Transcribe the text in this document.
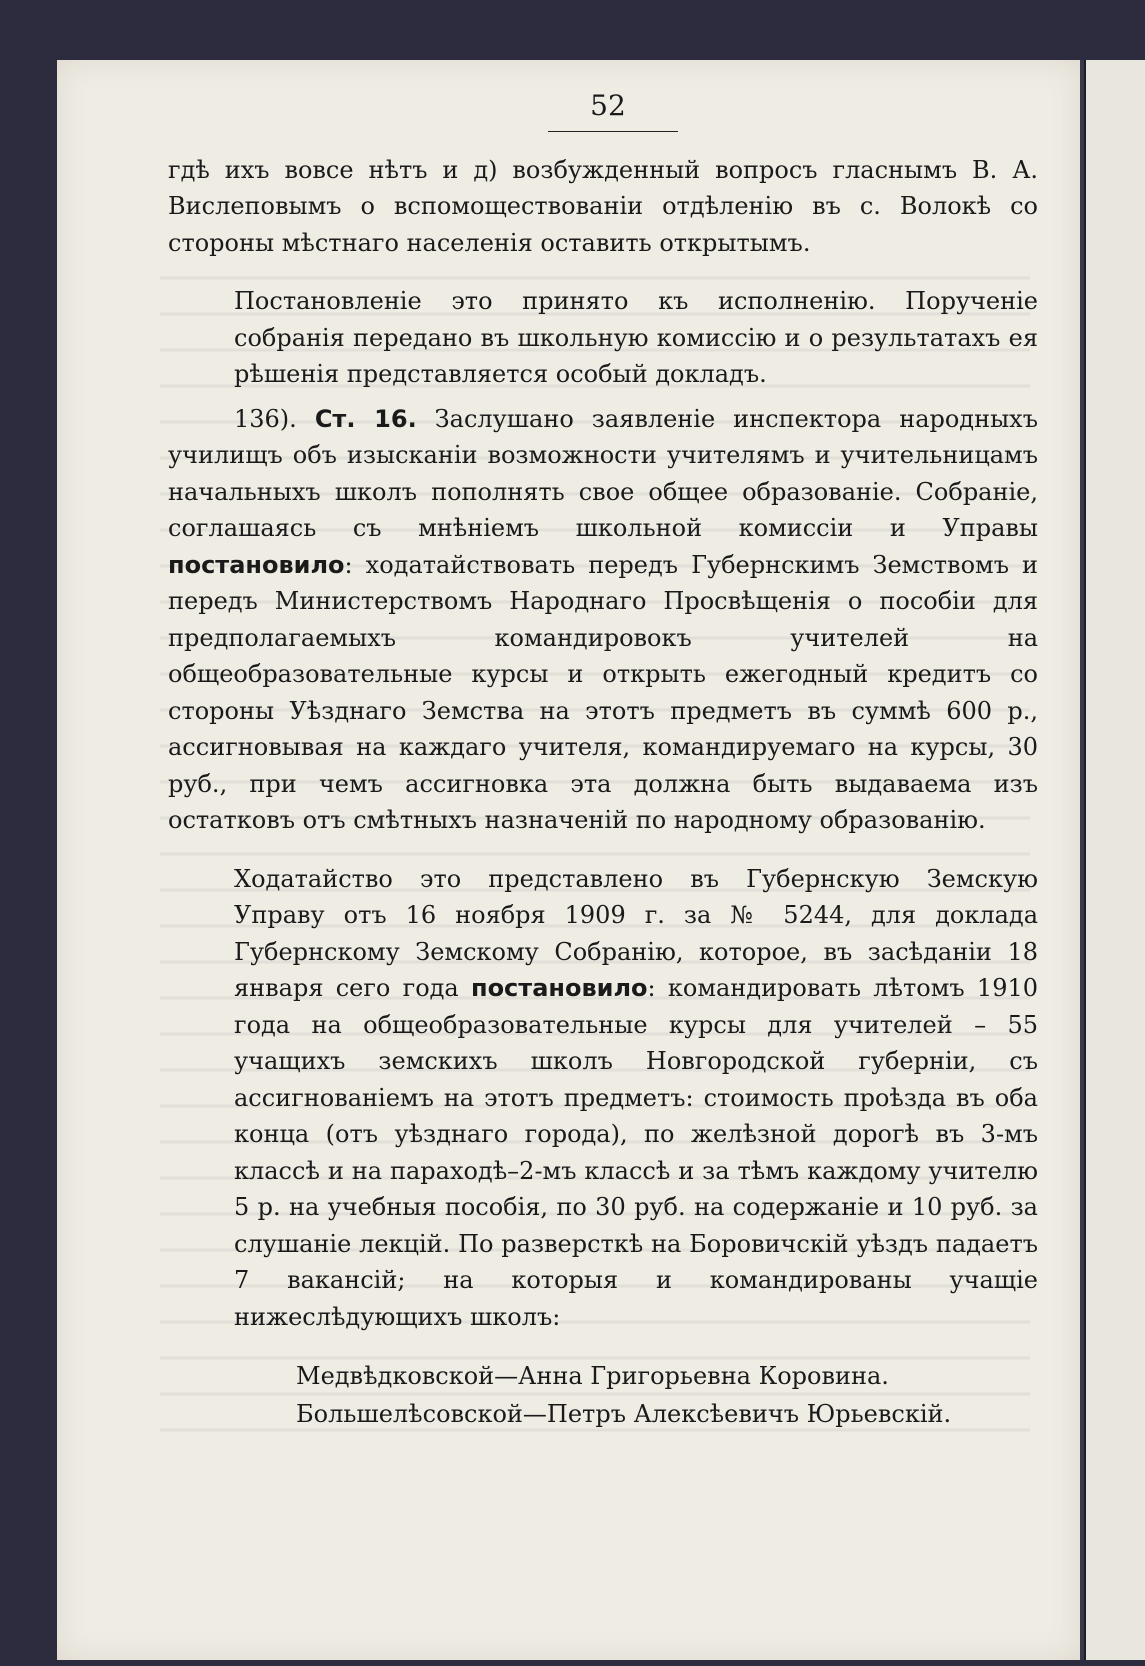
52

гдѣ ихъ вовсе нѣтъ и д) возбужденный вопросъ гласнымъ В. А. Вислеповымъ о вспомоществованіи отдѣленію въ с. Волокѣ со стороны мѣстнаго населенія оставить открытымъ.

Постановленіе это принято къ исполненію. Порученіе собранія передано въ школьную комиссію и о результатахъ ея рѣшенія представляется особый докладъ.

136). Ст. 16. Заслушано заявленіе инспектора народныхъ училищъ объ изысканіи возможности учителямъ и учительницамъ начальныхъ школъ пополнять свое общее образованіе. Собраніе, соглашаясь съ мнѣніемъ школьной комиссіи и Управы постановило: ходатайствовать передъ Губернскимъ Земствомъ и передъ Министерствомъ Народнаго Просвѣщенія о пособіи для предполагаемыхъ командировокъ учителей на общеобразовательные курсы и открыть ежегодный кредитъ со стороны Уѣзднаго Земства на этотъ предметъ въ суммѣ 600 р., ассигновывая на каждаго учителя, командируемаго на курсы, 30 руб., при чемъ ассигновка эта должна быть выдаваема изъ остатковъ отъ смѣтныхъ назначеній по народному образованію.

Ходатайство это представлено въ Губернскую Земскую Управу отъ 16 ноября 1909 г. за № 5244, для доклада Губернскому Земскому Собранію, которое, въ засѣданіи 18 января сего года постановило: командировать лѣтомъ 1910 года на общеобразовательные курсы для учителей – 55 учащихъ земскихъ школъ Новгородской губерніи, съ ассигнованіемъ на этотъ предметъ: стоимость проѣзда въ оба конца (отъ уѣзднаго города), по желѣзной дорогѣ въ 3-мъ классѣ и на параходѣ–2-мъ классѣ и за тѣмъ каждому учителю 5 р. на учебныя пособія, по 30 руб. на содержаніе и 10 руб. за слушаніе лекцій. По разверсткѣ на Боровичскій уѣздъ падаетъ 7 вакансій; на которыя и командированы учащіе нижеслѣдующихъ школъ:

Медвѣдковской—Анна Григорьевна Коровина.

Большелѣсовской—Петръ Алексѣевичъ Юрьевскій.
